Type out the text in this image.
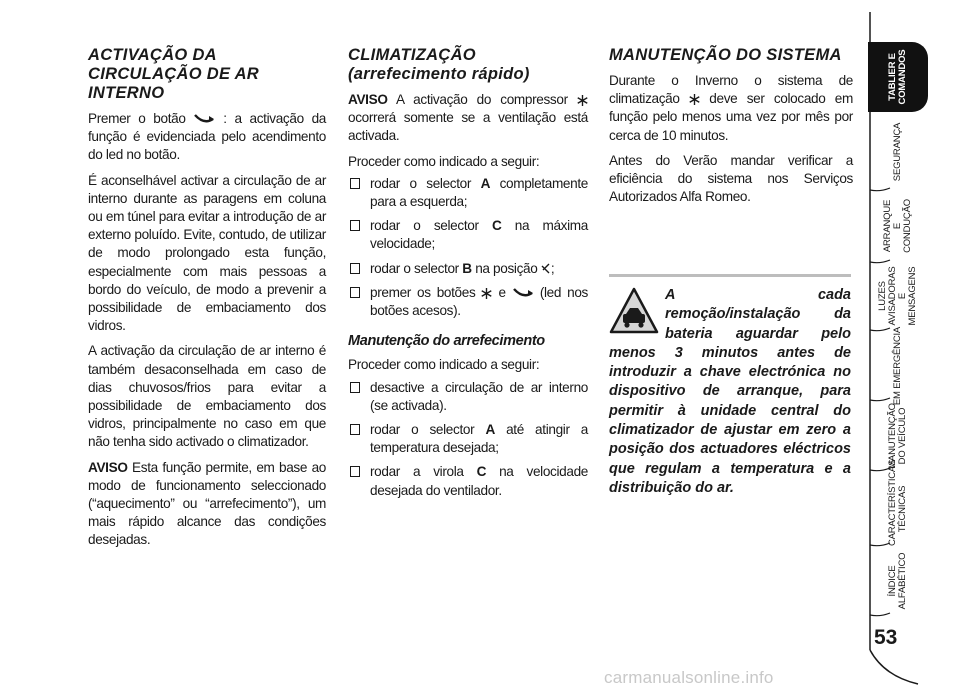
ACTIVAÇÃO DA CIRCULAÇÃO DE AR INTERNO

Premer o botão	: a activação da função é evidenciada pelo acendimento do led no botão.

É aconselhável activar a circulação de ar interno durante as paragens em coluna ou em túnel para evitar a introdução de ar externo poluído. Evite, contudo, de utilizar de modo prolongado esta função, especialmente com mais pessoas a bordo do veículo, de modo a prevenir a possibilidade de embaciamento dos vidros.

A activação da circulação de ar interno é também desaconselhada em caso de dias chuvosos/frios para evitar a possibilidade de embaciamento dos vidros, principalmente no caso em que não tenha sido activado o climatizador.

AVISO Esta função permite, em base ao modo de funcionamento seleccionado (“aquecimento” ou “arrefecimento”), um mais rápido alcance das condições desejadas.

CLIMATIZAÇÃO (arrefecimento rápido)

AVISO A activação do compressor  ocorrerá somente se a ventilação está activada.

Proceder como indicado a seguir:

rodar o selector A completamente para a esquerda;
rodar o selector C na máxima velocidade;
rodar o selector B na posição ;
premer os botões e	(led nos botões acesos).

Manutenção do arrefecimento

Proceder como indicado a seguir:

desactive a circulação de ar interno (se activada).
rodar o selector A até atingir a temperatura desejada;
rodar a virola C na velocidade desejada do ventilador.
MANUTENÇÃO DO SISTEMA

Durante o Inverno o sistema de climatização deve ser colocado em função pelo menos uma vez por mês por cerca de 10 minutos.

Antes do Verão mandar verificar a eficiência do sistema nos Serviços Autorizados Alfa Romeo.

A cada remoção/instalação da bateria aguardar pelo menos 3 minutos antes de introduzir a chave electrónica no dispositivo de arranque, para permitir à unidade central do climatizador de ajustar em zero a posição dos actuadores eléctricos que regulam a temperatura e a distribuição do ar.
TABLIER E COMANDOS
SEGURANÇA
ARRANQUE E CONDUÇÃO
LUZES AVISADORAS E MENSAGENS
EM EMERGÊNCIA
MANUTENÇÃO DO VEÍCULO
CARACTERÍSTICAS TÉCNICAS
ÍNDICE ALFABÉTICO
53
carmanualsonline.info
